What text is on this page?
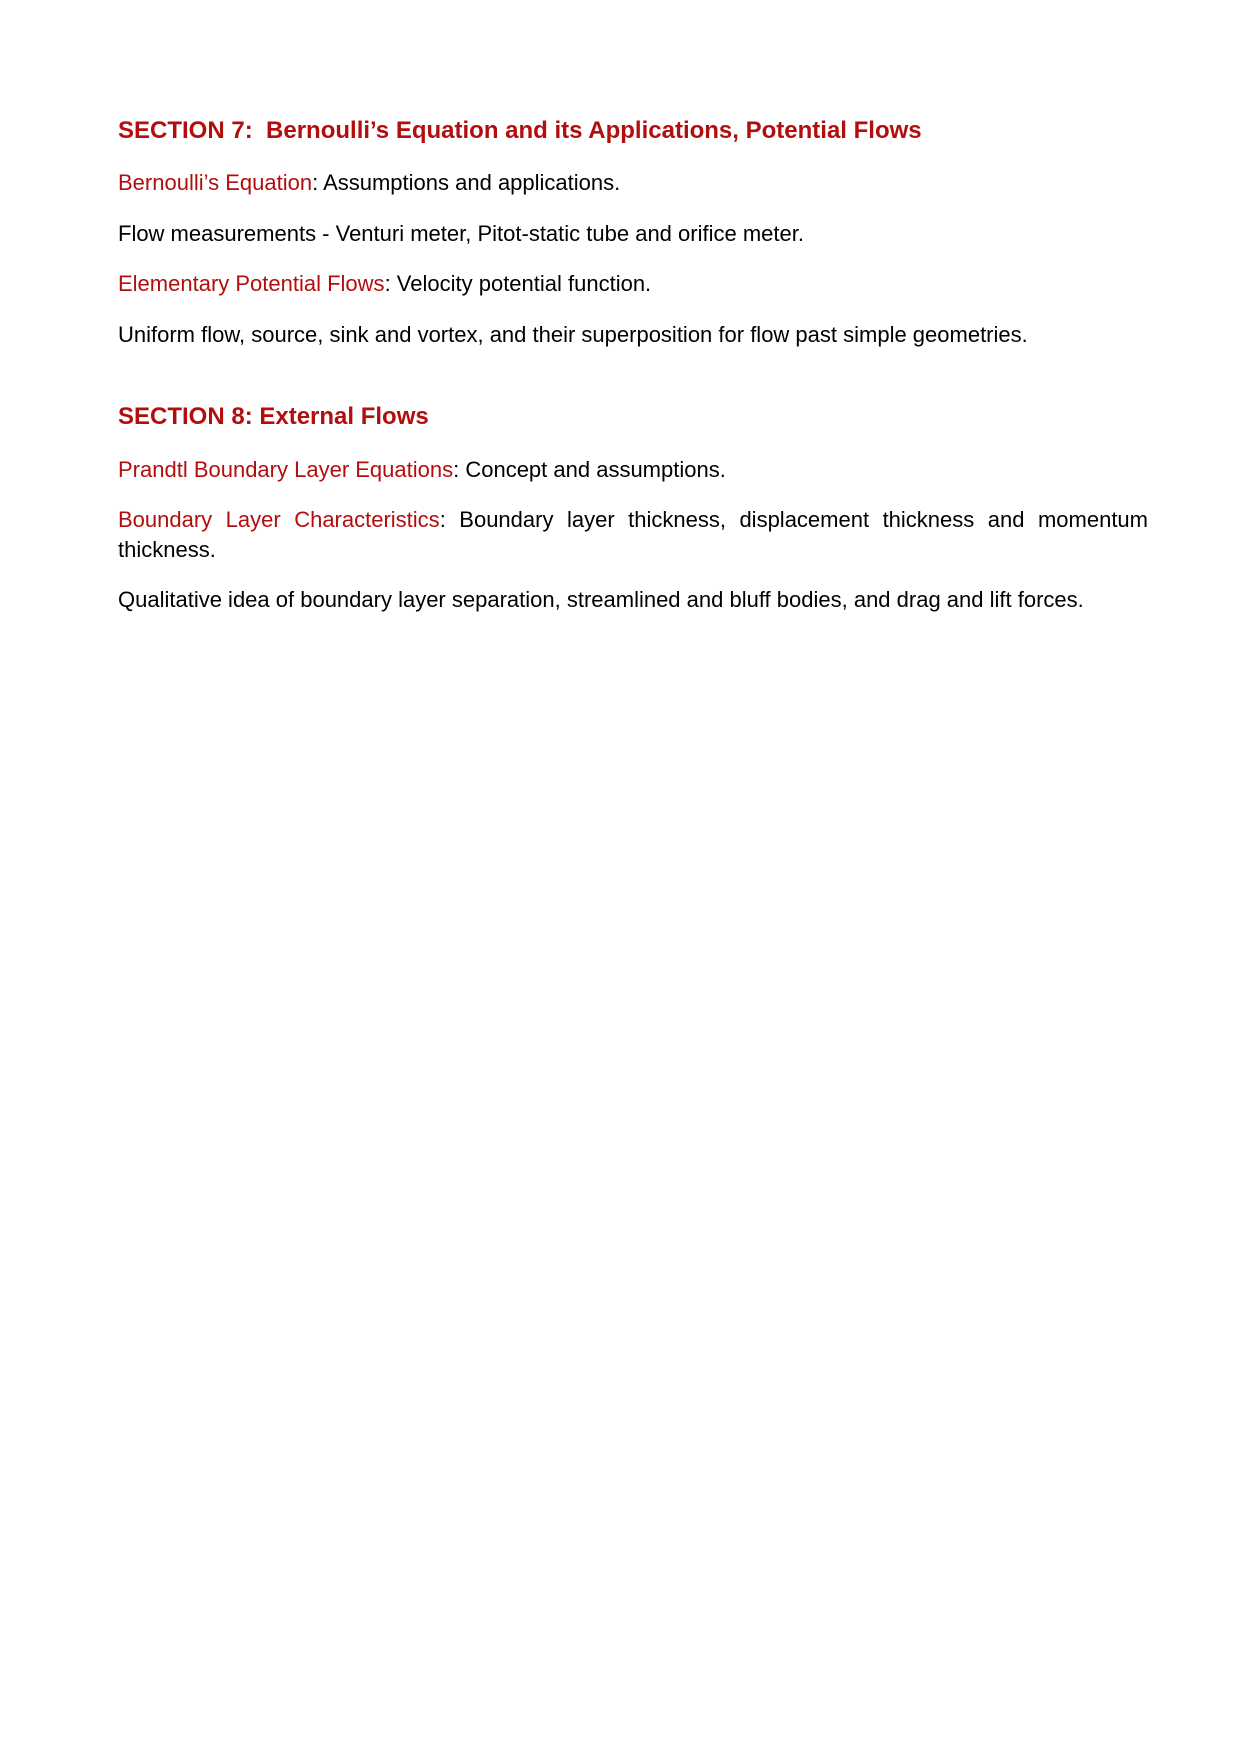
SECTION 7:  Bernoulli’s Equation and its Applications, Potential Flows

Bernoulli’s Equation: Assumptions and applications.

Flow measurements - Venturi meter, Pitot-static tube and orifice meter.

Elementary Potential Flows: Velocity potential function.

Uniform flow, source, sink and vortex, and their superposition for flow past simple geometries.

SECTION 8: External Flows

Prandtl Boundary Layer Equations: Concept and assumptions.

Boundary Layer Characteristics: Boundary layer thickness, displacement thickness and momentum thickness.

Qualitative idea of boundary layer separation, streamlined and bluff bodies, and drag and lift forces.
